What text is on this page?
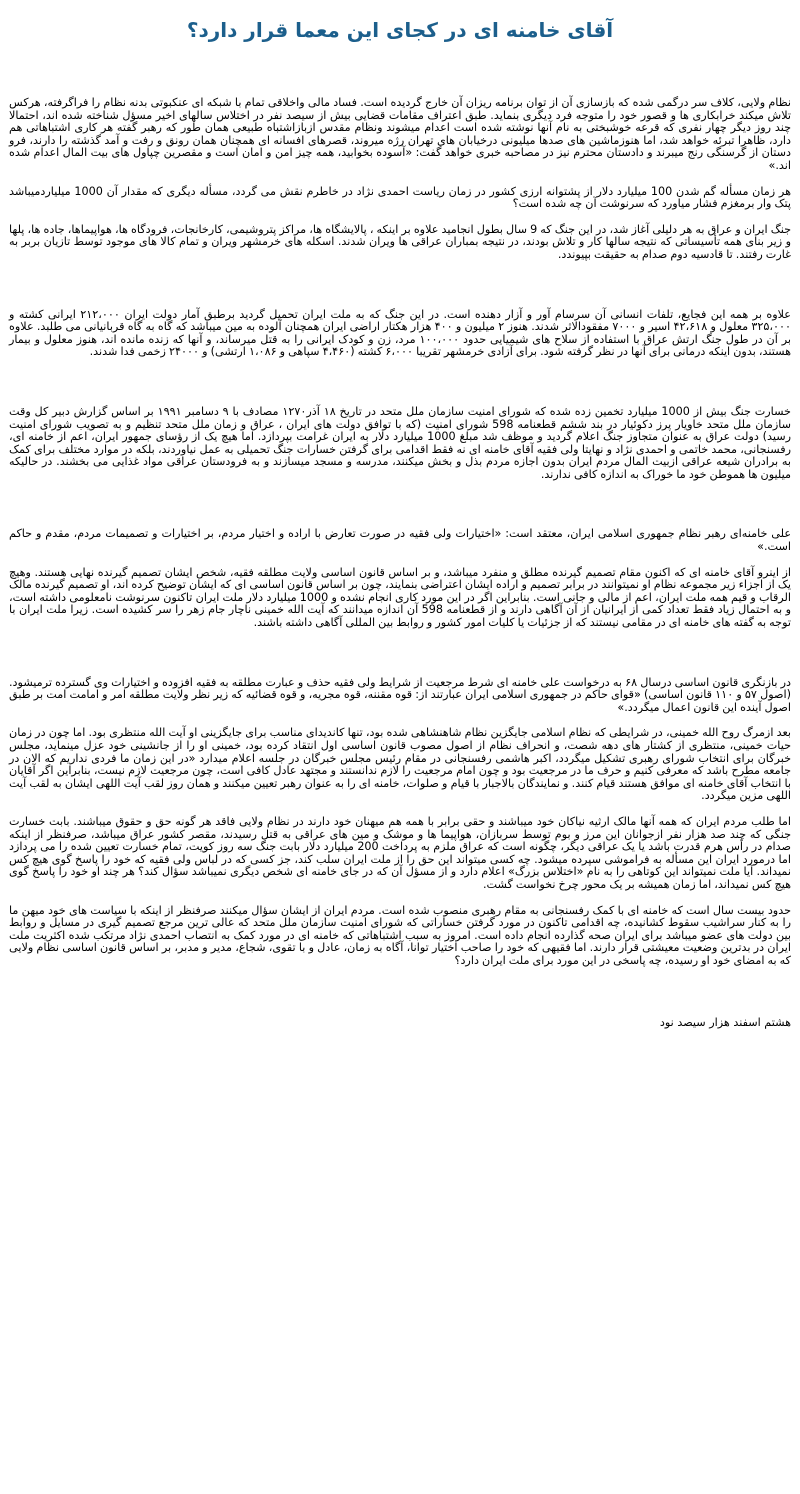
آقای خامنه ای در کجای این معما قرار دارد؟

نظام ولایی، کلاف سر درگمی شده که بازسازی آن از توان برنامه ریزان آن خارج گردیده است. فساد مالی واخلاقی تمام با شبکه ای عنکبوتی بدنه نظام را فراگرفته، هرکس تلاش میکند خرابکاری ها و قصور خود را متوجه فرد دیگری بنماید. طبق اعتراف مقامات قضایی بیش از سیصد نفر در اختلاس سالهای اخیر مسؤل شناخته شده اند، احتمالا چند روز دیگر چهار نفری که قرعه خوشبختی به نام آنها نوشته شده است اعدام میشوند ونظام مقدس ازبازاشتباه طبیعی همان طور که رهبر گفته هر کاری اشتباهاتی هم دارد، ظاهرا تبرئه خواهد شد، اما هنوزماشین های صدها میلیونی درخیابان های تهران رژه میروند، قصرهای افسانه ای همچنان همان رونق و رفت و آمد گذشته را دارند، فرو دستان از گرسنگی رنج میبرند و دادستان محترم نیز در مصاحبه خبری خواهد گفت: «آسوده بخوابید، همه چیز امن و امان است و مقصرین چپاول های بیت المال اعدام شده اند.»

هر زمان مسأله گم شدن 100 میلیارد دلار از پشتوانه ارزی کشور در زمان ریاست احمدی نژاد در خاطرم نقش می گردد، مسأله دیگری که مقدار آن 1000 میلیاردمیباشد پتک وار برمغزم فشار میاورد که سرنوشت آن چه شده است؟

جنگ ایران و عراق به هر دلیلی آغاز شد، در این جنگ که 9 سال بطول انجامید علاوه بر اینکه ، پالایشگاه ها، مراکز پتروشیمی، کارخانجات، فرودگاه ها، هواپیماها، جاده ها، پلها و زیر بنای همه تأسیساتی که نتیجه سالها کار و تلاش بودند، در نتیجه بمباران عراقی ها ویران شدند. اسکله های خرمشهر ویران و تمام کالا های موجود توسط تازیان بربر به غارت رفتند. تا قادسیه دوم صدام به حقیقت بپیوندد.

علاوه بر همه این فجایع، تلفات انسانی آن سرسام آور و آزار دهنده است. در این جنگ که به ملت ایران تحمیل گردید برطبق آمار دولت ایران ۲۱۲،۰۰۰ ایرانی کشته و ۳۲۵،۰۰۰ معلول و ۴۲،۶۱۸ اسیر و ۷۰۰۰ مفقودالاثر شدند. هنوز ۲ میلیون و ۴۰۰ هزار هکتار اراضی ایران همچنان آلوده به مین میباشد که گاه به گاه قربانیانی می طلبد. علاوه بر آن در طول جنگ ارتش عراق با استفاده از سلاح های شیمیایی حدود ۱۰۰،۰۰۰ مرد، زن و کودک ایرانی را به قتل میرساند، و آنها که زنده مانده اند، هنوز معلول و بیمار هستند، بدون اینکه درمانی برای آنها در نظر گرفته شود. برای آزادی خرمشهر تقریبا ۶،۰۰۰ کشته (۴،۴۶۰ سپاهی و ۱،۰۸۶ ارتشی) و ۲۴۰۰۰ زخمی فدا شدند.

خسارت جنگ بیش از 1000 میلیارد تخمین زده شده که شورای امنیت سازمان ملل متحد در تاریخ ۱۸ آذر۱۲۷۰ مصادف با ۹ دسامبر ۱۹۹۱ بر اساس گزارش دبیر کل وقت سازمان ملل متحد خاویار پرز دکوئیار در بند ششم قطعنامه 598 شورای امنیت (که با توافق دولت های ایران ، عراق و زمان ملل متحد تنظیم و به تصویب شورای امنیت رسید) دولت عراق به عنوان متجاوز جنگ اعلام گردید و موظف شد مبلغ 1000 میلیارد دلار به ایران غرامت بپردازد. اما هیچ یک از رؤسای جمهور ایران، اعم از خامنه ای، رفسنجانی، محمد خاتمی و احمدی نژاد و نهایتا ولی فقیه آقای خامنه ای نه فقط اقدامی برای گرفتن خسارات جنگ تحمیلی به عمل نیاوردند، بلکه در موارد مختلف برای کمک به برادران شیعه عراقی ازبیت المال مردم ایران بدون اجازه مردم بذل و بخش میکنند، مدرسه و مسجد میسازند و به فرودستان عراقی مواد غذایی می بخشند. در حالیکه میلیون ها هموطن خود ما خوراک به اندازه کافی ندارند.

علی خامنه‌ای رهبر نظام جمهوری اسلامی ایران، معتقد است: «اختیارات ولی فقیه در صورت تعارض با اراده و اختیار مردم، بر اختیارات و تصمیمات مردم، مقدم و حاکم است.»

از اینرو آقای خامنه ای که اکنون مقام تصمیم گیرنده مطلق و منفرد میباشد، و بر اساس قانون اساسی ولایت مطلقه فقیه، شخص ایشان تصمیم گیرنده نهایی هستند. وهیچ یک از اجزاء زیر مجموعه نظام او نمیتوانند در برابر تصمیم و اراده ایشان اعتراضی بنمایند، چون بر اساس قانون اساسی ای که ایشان توضیح کرده اند، او تصمیم گیرنده مالک الرقاب و قیم همه ملت ایران، اعم از مالی و جانی است. بنابراین اگر در این مورد کاری انجام نشده و 1000 میلیارد دلار ملت ایران تاکنون سرنوشت نامعلومی داشته است، و به احتمال زیاد فقط تعداد کمی از ایرانیان از آن آگاهی دارند و از قطعنامه 598 آن اندازه میدانند که آیت الله خمینی ناچار جام زهر را سر کشیده است. زیرا ملت ایران با توجه به گفته های خامنه ای در مقامی نیستند که از جزئیات یا کلیات امور کشور و روابط بین المللی آگاهی داشته باشند.

در بازنگری قانون اساسی درسال ۶۸ به درخواست علی خامنه ای شرط مرجعیت از شرایط ولی فقیه حذف و عبارت مطلقه به فقیه افزوده و اختیارات وی گسترده ترمیشود. (اصول ۵۷ و ۱۱۰ قانون اساسی) «قوای حاکم در جمهوری اسلامی ایران عبارتند از: قوه مقننه، قوه مجریه، و قوه قضائیه که زیر نظر ولایت مطلقه امر و امامت امت بر طبق اصول آینده این قانون اعمال میگردد.»

بعد ازمرگ روح الله خمینی، در شرایطی که نظام اسلامی جایگزین نظام شاهنشاهی شده بود، تنها کاندیدای مناسب برای جایگزینی او آیت الله منتظری بود. اما چون در زمان حیات خمینی، منتظری از کشتار های دهه شصت، و انحراف نظام از اصول مصوب قانون اساسی اول انتقاد کرده بود، خمینی او را از جانشینی خود عزل مینماید، مجلس خبرگان برای انتخاب شورای رهبری تشکیل میگردد، اکبر هاشمی رفسنجانی در مقام رئیس مجلس خبرگان در جلسه اعلام میدارد «در این زمان ما فردی نداریم که الان در جامعه مطرح باشد که معرفی کنیم و حرف ما در مرجعیت بود و چون امام مرجعیت را لازم ندانستند و مجتهد عادل کافی است، چون مرجعیت لازم نیست، بنابراین اگر آقایان با انتخاب آقای خامنه ای موافق هستند قیام کنند. و نمایندگان بالاجبار با قیام و صلوات، خامنه ای را به عنوان رهبر تعیین میکنند و همان روز لقب آیت اللهی ایشان به لقب آیت اللهی مزین میگردد.

اما طلب مردم ایران که همه آنها مالک ارثیه نیاکان خود میباشند و حقی برابر با همه هم میهنان خود دارند در نظام ولایی فاقد هر گونه حق و حقوق میباشند. بابت خسارت جنگی که چند صد هزار نفر ازجوانان این مرز و بوم توسط سربازان، هواپیما ها و موشک و مین های عراقی به قتل رسیدند، مقصر کشور عراق میباشد، صرفنظر از اینکه صدام در رأس هرم قدرت باشد یا یک عراقی دیگر، چگونه است که عراق ملزم به پرداخت 200 میلیارد دلار بابت جنگ سه روز کویت، تمام خسارت تعیین شده را می پردازد اما درمورد ایران این مسأله به فراموشی سپرده میشود. چه کسی میتواند این حق را از ملت ایران سلب کند، جز کسی که در لباس ولی فقیه که خود را پاسخ گوی هیچ کس نمیداند. آیا ملت نمیتواند این کوتاهی را به نام «اختلاس بزرگ» اعلام دارد و از مسؤل آن که در جای خامنه ای شخص دیگری نمیباشد سؤال کند؟ هر چند او خود را پاسخ گوی هیچ کس نمیداند، اما زمان همیشه بر یک محور چرخ نخواست گشت.

حدود بیست سال است که خامنه ای با کمک رفسنجانی به مقام رهبری منصوب شده است. مردم ایران از ایشان سؤال میکنند صرفنظر از اینکه با سیاست های خود میهن ما را به کنار سراشیب سقوط کشانیده، چه اقدامی تاکنون در مورد گرفتن خساراتی که شورای امنیت سازمان ملل متحد که عالی ترین مرجع تصمیم گیری در مسایل و روابط بین دولت های عضو میباشد برای ایران صحه گذارده انجام داده است. امروز به سبب اشتباهاتی که خامنه ای در مورد کمک به انتصاب احمدی نژاد مرتکب شده اکثریت ملت ایران در بدترین وضعیت معیشتی قرار دارند. اما فقیهی که خود را صاحب اختیار توانا، آگاه به زمان، عادل و با تقوی، شجاع، مدیر و مدبر، بر اساس قانون اساسی نظام ولایی که به امضای خود او رسیده، چه پاسخی در این مورد برای ملت ایران دارد؟

هشتم اسفند هزار سیصد نود
